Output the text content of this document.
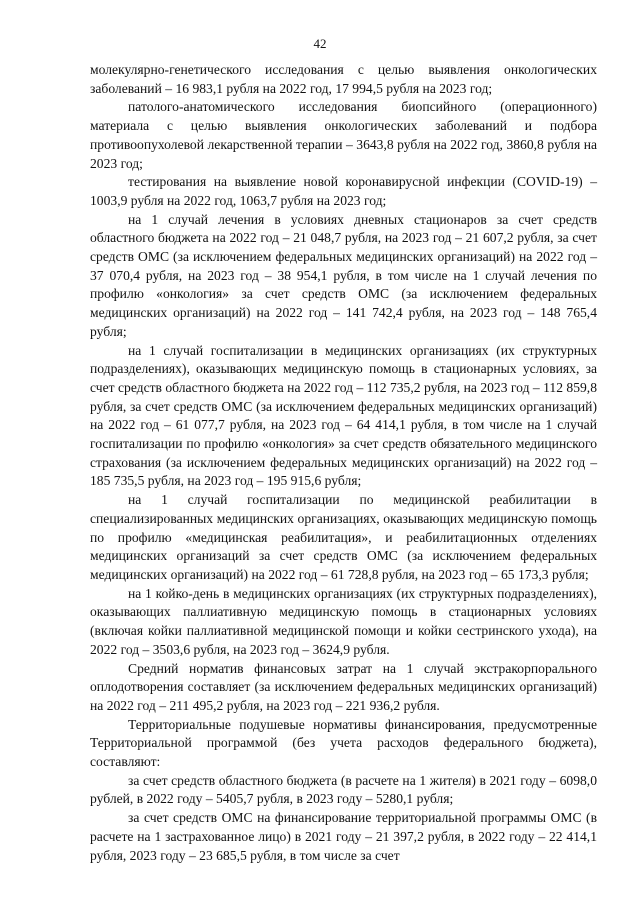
42

молекулярно-генетического исследования с целью выявления онкологических заболеваний – 16 983,1 рубля на 2022 год, 17 994,5 рубля на 2023 год;

патолого-анатомического исследования биопсийного (операционного) материала с целью выявления онкологических заболеваний и подбора противоопухолевой лекарственной терапии – 3643,8 рубля на 2022 год, 3860,8 рубля на 2023 год;

тестирования на выявление новой коронавирусной инфекции (COVID-19) – 1003,9 рубля на 2022 год, 1063,7 рубля на 2023 год;

на 1 случай лечения в условиях дневных стационаров за счет средств областного бюджета на 2022 год – 21 048,7 рубля, на 2023 год – 21 607,2 рубля, за счет средств ОМС (за исключением федеральных медицинских организаций) на 2022 год – 37 070,4 рубля, на 2023 год – 38 954,1 рубля, в том числе на 1 случай лечения по профилю «онкология» за счет средств ОМС (за исключением федеральных медицинских организаций) на 2022 год – 141 742,4 рубля, на 2023 год – 148 765,4 рубля;

на 1 случай госпитализации в медицинских организациях (их структурных подразделениях), оказывающих медицинскую помощь в стационарных условиях, за счет средств областного бюджета на 2022 год – 112 735,2 рубля, на 2023 год – 112 859,8 рубля, за счет средств ОМС (за исключением федеральных медицинских организаций) на 2022 год – 61 077,7 рубля, на 2023 год – 64 414,1 рубля, в том числе на 1 случай госпитализации по профилю «онкология» за счет средств обязательного медицинского страхования (за исключением федеральных медицинских организаций) на 2022 год – 185 735,5 рубля, на 2023 год – 195 915,6 рубля;

на 1 случай госпитализации по медицинской реабилитации в специализированных медицинских организациях, оказывающих медицинскую помощь по профилю «медицинская реабилитация», и реабилитационных отделениях медицинских организаций за счет средств ОМС (за исключением федеральных медицинских организаций) на 2022 год – 61 728,8 рубля, на 2023 год – 65 173,3 рубля;

на 1 койко-день в медицинских организациях (их структурных подразделениях), оказывающих паллиативную медицинскую помощь в стационарных условиях (включая койки паллиативной медицинской помощи и койки сестринского ухода), на 2022 год – 3503,6 рубля, на 2023 год – 3624,9 рубля.

Средний норматив финансовых затрат на 1 случай экстракорпорального оплодотворения составляет (за исключением федеральных медицинских организаций) на 2022 год – 211 495,2 рубля, на 2023 год – 221 936,2 рубля.

Территориальные подушевые нормативы финансирования, предусмотренные Территориальной программой (без учета расходов федерального бюджета), составляют:

за счет средств областного бюджета (в расчете на 1 жителя) в 2021 году – 6098,0 рублей, в 2022 году – 5405,7 рубля, в 2023 году – 5280,1 рубля;

за счет средств ОМС на финансирование территориальной программы ОМС (в расчете на 1 застрахованное лицо) в 2021 году – 21 397,2 рубля, в 2022 году – 22 414,1 рубля, 2023 году – 23 685,5 рубля, в том числе за счет
